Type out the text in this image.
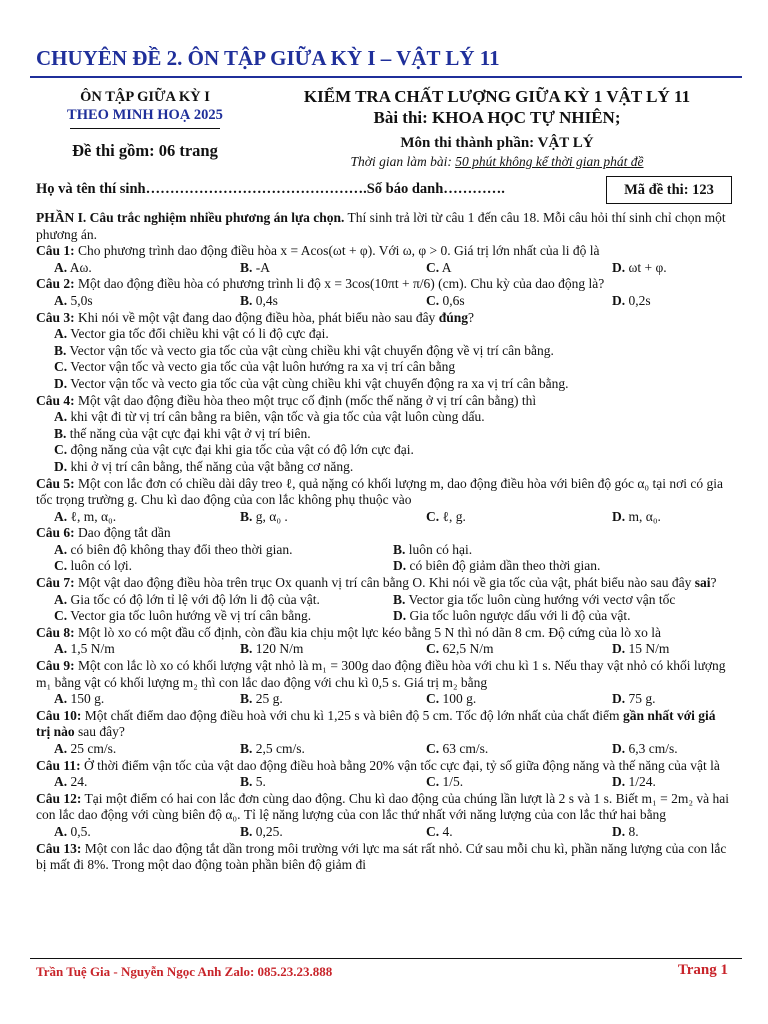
CHUYÊN ĐỀ 2. ÔN TẬP GIỮA KỲ I – VẬT LÝ 11
ÔN TẬP GIỮA KỲ I
THEO MINH HOẠ 2025
Đề thi gồm: 06 trang
KIỂM TRA CHẤT LƯỢNG GIỮA KỲ 1 VẬT LÝ 11
Bài thi: KHOA HỌC TỰ NHIÊN;
Môn thi thành phần: VẬT LÝ
Thời gian làm bài: 50 phút không kể thời gian phát đề
Họ và tên thí sinh……………………………………….Số báo danh………….	Mã đề thi: 123

PHẦN I. Câu trắc nghiệm nhiều phương án lựa chọn. Thí sinh trả lời từ câu 1 đến câu 18. Mỗi câu hỏi thí sinh chỉ chọn một phương án.

Câu 1: Cho phương trình dao động điều hòa x = Acos(ωt + φ). Với ω, φ > 0. Giá trị lớn nhất của li độ là

A. Aω.	B. -A	C. A	D. ωt + φ.

Câu 2: Một dao động điều hòa có phương trình li độ x = 3cos(10πt + π/6) (cm). Chu kỳ của dao động là?

A. 5,0s	B. 0,4s	C. 0,6s	D. 0,2s

Câu 3: Khi nói về một vật đang dao động điều hòa, phát biểu nào sau đây đúng?

A. Vector gia tốc đổi chiều khi vật có li độ cực đại.
B. Vector vận tốc và vecto gia tốc của vật cùng chiều khi vật chuyển động về vị trí cân bằng.
C. Vector vận tốc và vecto gia tốc của vật luôn hướng ra xa vị trí cân bằng
D. Vector vận tốc và vecto gia tốc của vật cùng chiều khi vật chuyển động ra xa vị trí cân bằng.

Câu 4: Một vật dao động điều hòa theo một trục cố định (mốc thế năng ở vị trí cân bằng) thì

A. khi vật đi từ vị trí cân bằng ra biên, vận tốc và gia tốc của vật luôn cùng dấu.
B. thế năng của vật cực đại khi vật ở vị trí biên.
C. động năng của vật cực đại khi gia tốc của vật có độ lớn cực đại.
D. khi ở vị trí cân bằng, thế năng của vật bằng cơ năng.

Câu 5: Một con lắc đơn có chiều dài dây treo ℓ, quả nặng có khối lượng m, dao động điều hòa với biên độ góc α₀ tại nơi có gia tốc trọng trường g. Chu kì dao động của con lắc không phụ thuộc vào

A. ℓ, m, α₀.	B. g, α₀ .	C. ℓ, g.	D. m, α₀.

Câu 6: Dao động tắt dần

A. có biên độ không thay đổi theo thời gian.	B. luôn có hại.
C. luôn có lợi.	D. có biên độ giảm dần theo thời gian.

Câu 7: Một vật dao động điều hòa trên trục Ox quanh vị trí cân bằng O. Khi nói về gia tốc của vật, phát biểu nào sau đây sai?

A. Gia tốc có độ lớn tỉ lệ với độ lớn li độ của vật.	B. Vector gia tốc luôn cùng hướng với vectơ vận tốc
C. Vector gia tốc luôn hướng về vị trí cân bằng.	D. Gia tốc luôn ngược dấu với li độ của vật.

Câu 8: Một lò xo có một đầu cố định, còn đầu kia chịu một lực kéo bằng 5 N thì nó dãn 8 cm. Độ cứng của lò xo là

A. 1,5 N/m	B. 120 N/m	C. 62,5 N/m	D. 15 N/m

Câu 9: Một con lắc lò xo có khối lượng vật nhỏ là m₁ = 300g dao động điều hòa với chu kì 1 s. Nếu thay vật nhỏ có khối lượng m₁ bằng vật có khối lượng m₂ thì con lắc dao động với chu kì 0,5 s. Giá trị m₂ bằng

A. 150 g.	B. 25 g.	C. 100 g.	D. 75 g.

Câu 10: Một chất điểm dao động điều hoà với chu kì 1,25 s và biên độ 5 cm. Tốc độ lớn nhất của chất điểm gần nhất với giá trị nào sau đây?

A. 25 cm/s.	B. 2,5 cm/s.	C. 63 cm/s.	D. 6,3 cm/s.

Câu 11: Ở thời điểm vận tốc của vật dao động điều hoà bằng 20% vận tốc cực đại, tỷ số giữa động năng và thế năng của vật là

A. 24.	B. 5.	C. 1/5.	D. 1/24.

Câu 12: Tại một điểm có hai con lắc đơn cùng dao động. Chu kì dao động của chúng lần lượt là 2 s và 1 s. Biết m₁ = 2m₂ và hai con lắc dao động với cùng biên độ α₀. Tỉ lệ năng lượng của con lắc thứ nhất với năng lượng của con lắc thứ hai bằng

A. 0,5.	B. 0,25.	C. 4.	D. 8.

Câu 13: Một con lắc dao động tắt dần trong môi trường với lực ma sát rất nhỏ. Cứ sau mỗi chu kì, phần năng lượng của con lắc bị mất đi 8%. Trong một dao động toàn phần biên độ giảm đi

Trần Tuệ Gia - Nguyễn Ngọc Anh Zalo: 085.23.23.888	Trang 1
